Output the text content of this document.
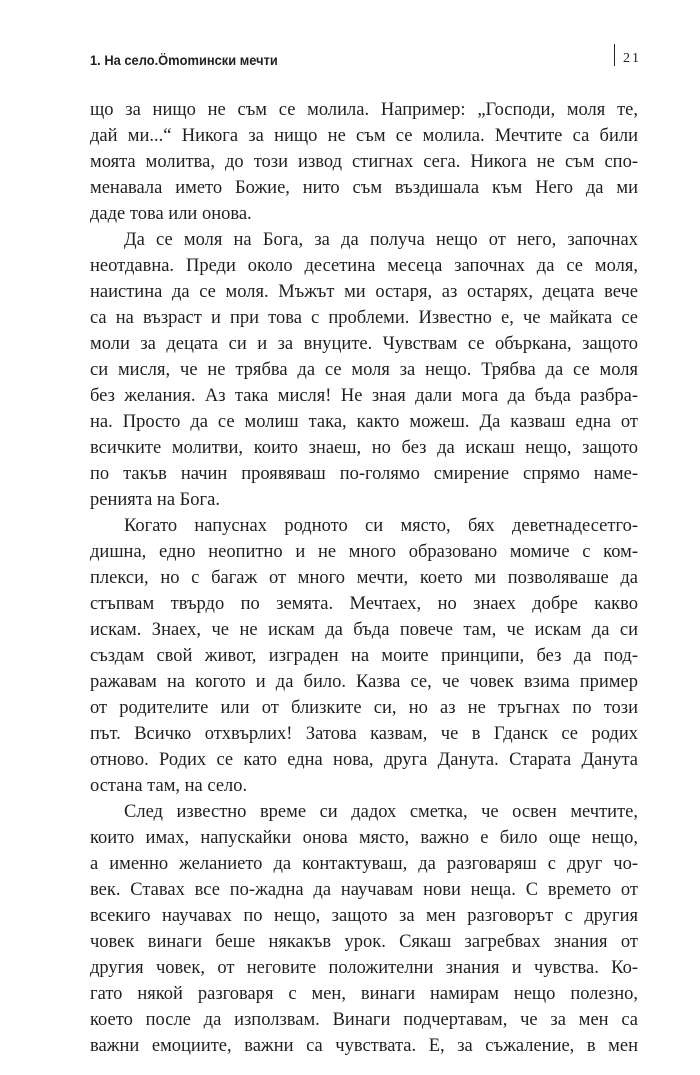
1. На село.Ömomински мечти	21
що за нищо не съм се молила. Например: „Господи, моля те,
дай ми...“ Никога за нищо не съм се молила. Мечтите са били
моята молитва, до този извод стигнах сега. Никога не съм спо-
менавала името Божие, нито съм въздишала към Него да ми
даде това или онова.
Да се моля на Бога, за да получа нещо от него, започнах
неотдавна. Преди около десетина месеца започнах да се моля,
наистина да се моля. Мъжът ми остаря, аз остарях, децата вече
са на възраст и при това с проблеми. Известно е, че майката се
моли за децата си и за внуците. Чувствам се объркана, защото
си мисля, че не трябва да се моля за нещо. Трябва да се моля
без желания. Аз така мисля! Не зная дали мога да бъда разбра-
на. Просто да се молиш така, както можеш. Да казваш една от
всичките молитви, които знаеш, но без да искаш нещо, защото
по такъв начин проявяваш по-голямо смирение спрямо наме-
ренията на Бога.
Когато напуснах родното си място, бях деветнадесетго-
дишна, едно неопитно и не много образовано момиче с ком-
плекси, но с багаж от много мечти, което ми позволяваше да
стъпвам твърдо по земята. Мечтаех, но знаех добре какво
искам. Знаех, че не искам да бъда повече там, че искам да си
създам свой живот, изграден на моите принципи, без да под-
ражавам на когото и да било. Казва се, че човек взима пример
от родителите или от близките си, но аз не тръгнах по този
път. Всичко отхвърлих! Затова казвам, че в Гданск се родих
отново. Родих се като една нова, друга Данута. Старата Данута
остана там, на село.
След известно време си дадох сметка, че освен мечтите,
които имах, напускайки онова място, важно е било още нещо,
а именно желанието да контактуваш, да разговаряш с друг чо-
век. Ставах все по-жадна да научавам нови неща. С времето от
всекиго научавах по нещо, защото за мен разговорът с другия
човек винаги беше някакъв урок. Сякаш загребвах знания от
другия човек, от неговите положителни знания и чувства. Ко-
гато някой разговаря с мен, винаги намирам нещо полезно,
което после да използвам. Винаги подчертавам, че за мен са
важни емоциите, важни са чувствата. Е, за съжаление, в мен
